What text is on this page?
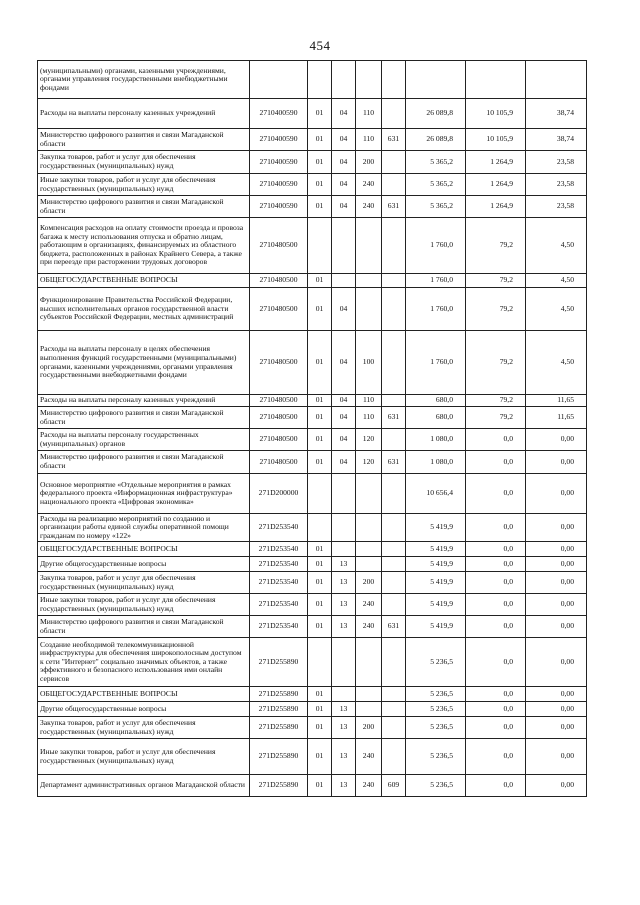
454
(муниципальными) органами, казенными учреждениями, органами управления государственными внебюджетными фондами								
Расходы на выплаты персоналу казенных учреждений	2710400590	01	04	110		26 089,8	10 105,9	38,74
Министерство цифрового развития и связи Магаданской области	2710400590	01	04	110	631	26 089,8	10 105,9	38,74
Закупка товаров, работ и услуг для обеспечения государственных (муниципальных) нужд	2710400590	01	04	200		5 365,2	1 264,9	23,58
Иные закупки товаров, работ и услуг для обеспечения государственных (муниципальных) нужд	2710400590	01	04	240		5 365,2	1 264,9	23,58
Министерство цифрового развития и связи Магаданской области	2710400590	01	04	240	631	5 365,2	1 264,9	23,58
Компенсация расходов на оплату стоимости проезда и провоза багажа к месту использования отпуска и обратно лицам, работающим в организациях, финансируемых из областного бюджета, расположенных в районах Крайнего Севера, а также при переезде при расторжении трудовых договоров	2710480500					1 760,0	79,2	4,50
ОБЩЕГОСУДАРСТВЕННЫЕ ВОПРОСЫ	2710480500	01				1 760,0	79,2	4,50
Функционирование Правительства Российской Федерации, высших исполнительных органов государственной власти субъектов Российской Федерации, местных администраций	2710480500	01	04			1 760,0	79,2	4,50
Расходы на выплаты персоналу в целях обеспечения выполнения функций государственными (муниципальными) органами, казенными учреждениями, органами управления государственными внебюджетными фондами	2710480500	01	04	100		1 760,0	79,2	4,50
Расходы на выплаты персоналу казенных учреждений	2710480500	01	04	110		680,0	79,2	11,65
Министерство цифрового развития и связи Магаданской области	2710480500	01	04	110	631	680,0	79,2	11,65
Расходы на выплаты персоналу государственных (муниципальных) органов	2710480500	01	04	120		1 080,0	0,0	0,00
Министерство цифрового развития и связи Магаданской области	2710480500	01	04	120	631	1 080,0	0,0	0,00
Основное мероприятие «Отдельные мероприятия в рамках федерального проекта «Информационная инфраструктура» национального проекта «Цифровая экономика»	271D200000					10 656,4	0,0	0,00
Расходы на реализацию мероприятий по созданию и организации работы единой службы оперативной помощи гражданам по номеру «122»	271D253540					5 419,9	0,0	0,00
ОБЩЕГОСУДАРСТВЕННЫЕ ВОПРОСЫ	271D253540	01				5 419,9	0,0	0,00
Другие общегосударственные вопросы	271D253540	01	13			5 419,9	0,0	0,00
Закупка товаров, работ и услуг для обеспечения государственных (муниципальных) нужд	271D253540	01	13	200		5 419,9	0,0	0,00
Иные закупки товаров, работ и услуг для обеспечения государственных (муниципальных) нужд	271D253540	01	13	240		5 419,9	0,0	0,00
Министерство цифрового развития и связи Магаданской области	271D253540	01	13	240	631	5 419,9	0,0	0,00
Создание необходимой телекоммуникационной инфраструктуры для обеспечения широкополосным доступом к сети "Интернет" социально значимых объектов, а также эффективного и безопасного использования ими онлайн сервисов	271D255890					5 236,5	0,0	0,00
ОБЩЕГОСУДАРСТВЕННЫЕ ВОПРОСЫ	271D255890	01				5 236,5	0,0	0,00
Другие общегосударственные вопросы	271D255890	01	13			5 236,5	0,0	0,00
Закупка товаров, работ и услуг для обеспечения государственных (муниципальных) нужд	271D255890	01	13	200		5 236,5	0,0	0,00
Иные закупки товаров, работ и услуг для обеспечения государственных (муниципальных) нужд	271D255890	01	13	240		5 236,5	0,0	0,00
Департамент административных органов Магаданской области	271D255890	01	13	240	609	5 236,5	0,0	0,00
